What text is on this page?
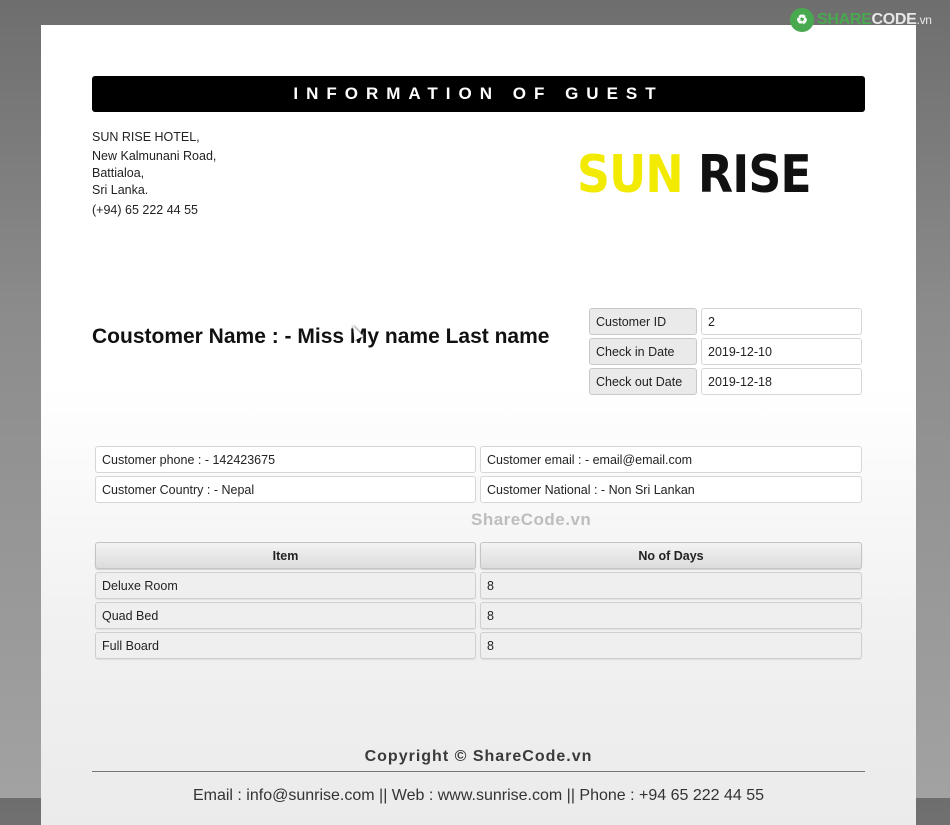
INFORMATION OF GUEST
SUN RISE HOTEL,
New Kalmunani Road,
Battialoa,
Sri Lanka.
(+94) 65 222 44 55
SUN RISE
Coustomer Name : - Miss My name Last name
Customer ID	2
Check in Date	2019-12-10
Check out Date	2019-12-18
Customer phone : - 142423675	Customer email : - email@email.com
Customer Country : - Nepal	Customer National : - Non Sri Lankan
ShareCode.vn
Item	No of Days
Deluxe Room	8
Quad Bed	8
Full Board	8
Copyright © ShareCode.vn
Email : info@sunrise.com || Web : www.sunrise.com || Phone : +94 65 222 44 55
♻ SHARECODE.vn
